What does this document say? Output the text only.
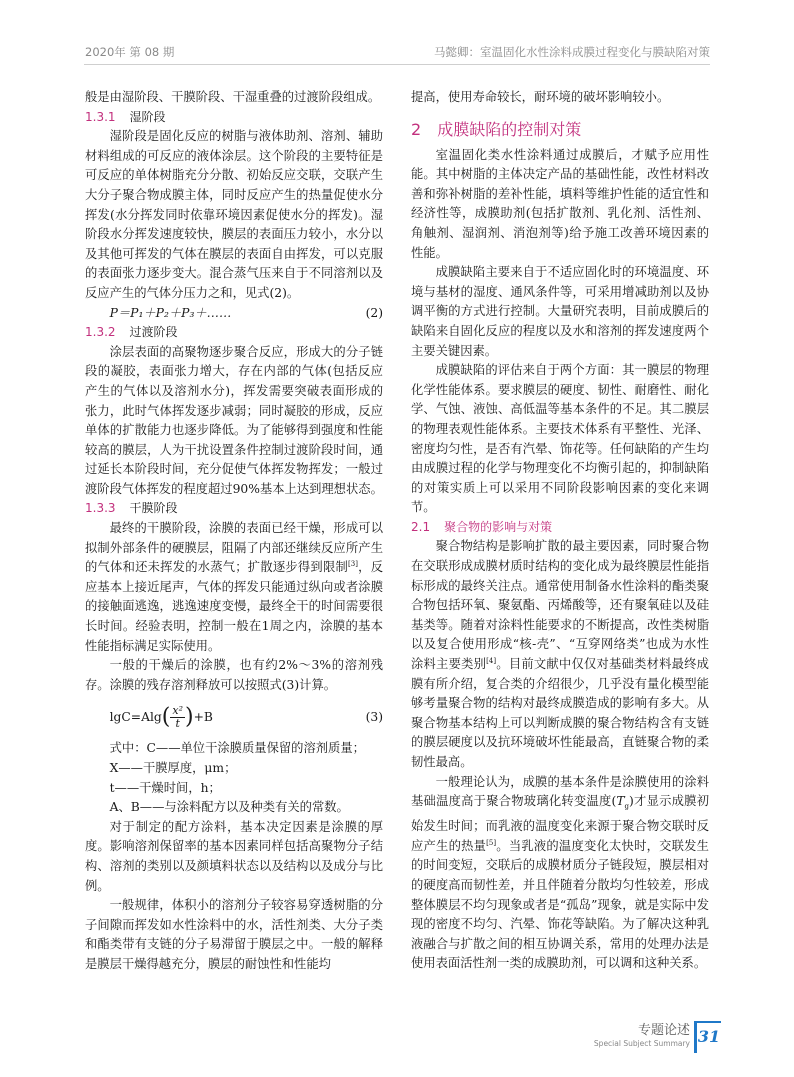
2020年 第 08 期	马懿卿：室温固化水性涂料成膜过程变化与膜缺陷对策

般是由湿阶段、干膜阶段、干湿重叠的过渡阶段组成。

1.3.1 湿阶段

湿阶段是固化反应的树脂与液体助剂、溶剂、辅助材料组成的可反应的液体涂层。这个阶段的主要特征是可反应的单体树脂充分分散、初始反应交联，交联产生大分子聚合物成膜主体，同时反应产生的热量促使水分挥发(水分挥发同时依靠环境因素促使水分的挥发)。湿阶段水分挥发速度较快，膜层的表面压力较小，水分以及其他可挥发的气体在膜层的表面自由挥发，可以克服的表面张力逐步变大。混合蒸气压来自于不同溶剂以及反应产生的气体分压力之和，见式(2)。

P＝P₁＋P₂＋P₃＋……	(2)
1.3.2 过渡阶段

涂层表面的高聚物逐步聚合反应，形成大的分子链段的凝胶，表面张力增大，存在内部的气体(包括反应产生的气体以及溶剂水分)，挥发需要突破表面形成的张力，此时气体挥发逐步减弱；同时凝胶的形成，反应单体的扩散能力也逐步降低。为了能够得到强度和性能较高的膜层，人为干扰设置条件控制过渡阶段时间，通过延长本阶段时间，充分促使气体挥发物挥发；一般过渡阶段气体挥发的程度超过90%基本上达到理想状态。

1.3.3 干膜阶段

最终的干膜阶段，涂膜的表面已经干燥，形成可以拟制外部条件的硬膜层，阻隔了内部还继续反应所产生的气体和还未挥发的水蒸气；扩散逐步得到限制[3]，反应基本上接近尾声，气体的挥发只能通过纵向或者涂膜的接触面逃逸，逃逸速度变慢，最终全干的时间需要很长时间。经验表明，控制一般在1周之内，涂膜的基本性能指标满足实际使用。

一般的干燥后的涂膜，也有约2%～3%的溶剂残存。涂膜的残存溶剂释放可以按照式(3)计算。

$\lg C=Alg( \frac{\text{x²}}{t} )+B$	(3)
式中：C——单位干涂膜质量保留的溶剂质量；
X——干膜厚度，μm；
t——干燥时间，h；
A、B——与涂料配方以及种类有关的常数。

对于制定的配方涂料，基本决定因素是涂膜的厚度。影响溶剂保留率的基本因素同样包括高聚物分子结构、溶剂的类别以及颜填料状态以及结构以及成分与比例。

一般规律，体积小的溶剂分子较容易穿透树脂的分子间隙而挥发如水性涂料中的水，活性剂类、大分子类和酯类带有支链的分子易滞留于膜层之中。一般的解释是膜层干燥得越充分，膜层的耐蚀性和性能均

提高，使用寿命较长，耐环境的破坏影响较小。

2 成膜缺陷的控制对策

室温固化类水性涂料通过成膜后，才赋予应用性能。其中树脂的主体决定产品的基础性能，改性材料改善和弥补树脂的差补性能，填料等维护性能的适宜性和经济性等，成膜助剂(包括扩散剂、乳化剂、活性剂、角触剂、湿润剂、消泡剂等)给予施工改善环境因素的性能。

成膜缺陷主要来自于不适应固化时的环境温度、环境与基材的湿度、通风条件等，可采用增减助剂以及协调平衡的方式进行控制。大量研究表明，目前成膜后的缺陷来自固化反应的程度以及水和溶剂的挥发速度两个主要关键因素。

成膜缺陷的评估来自于两个方面：其一膜层的物理化学性能体系。要求膜层的硬度、韧性、耐磨性、耐化学、气蚀、液蚀、高低温等基本条件的不足。其二膜层的物理表观性能体系。主要技术体系有平整性、光泽、密度均匀性，是否有汽晕、饰花等。任何缺陷的产生均由成膜过程的化学与物理变化不均衡引起的，抑制缺陷的对策实质上可以采用不同阶段影响因素的变化来调节。

2.1 聚合物的影响与对策

聚合物结构是影响扩散的最主要因素，同时聚合物在交联形成成膜材质时结构的变化成为最终膜层性能指标形成的最终关注点。通常使用制备水性涂料的酯类聚合物包括环氧、聚氨酯、丙烯酸等，还有聚氧硅以及硅基类等。随着对涂料性能要求的不断提高，改性类树脂以及复合使用形成“核-壳”、“互穿网络类”也成为水性涂料主要类别[4]。目前文献中仅仅对基础类材料最终成膜有所介绍，复合类的介绍很少，几乎没有量化模型能够考量聚合物的结构对最终成膜造成的影响有多大。从聚合物基本结构上可以判断成膜的聚合物结构含有支链的膜层硬度以及抗环境破坏性能最高，直链聚合物的柔韧性最高。

一般理论认为，成膜的基本条件是涂膜使用的涂料基础温度高于聚合物玻璃化转变温度$(T_g)$才显示成膜初始发生时间；而乳液的温度变化来源于聚合物交联时反应产生的热量[5]。当乳液的温度变化太快时，交联发生的时间变短，交联后的成膜材质分子链段短，膜层相对的硬度高而韧性差，并且伴随着分散均匀性较差，形成整体膜层不均匀现象或者是“孤岛”现象，就是实际中发现的密度不均匀、汽晕、饰花等缺陷。为了解决这种乳液融合与扩散之间的相互协调关系，常用的处理办法是使用表面活性剂一类的成膜助剂，可以调和这种关系。

专题论述
Special Subject Summary 31
